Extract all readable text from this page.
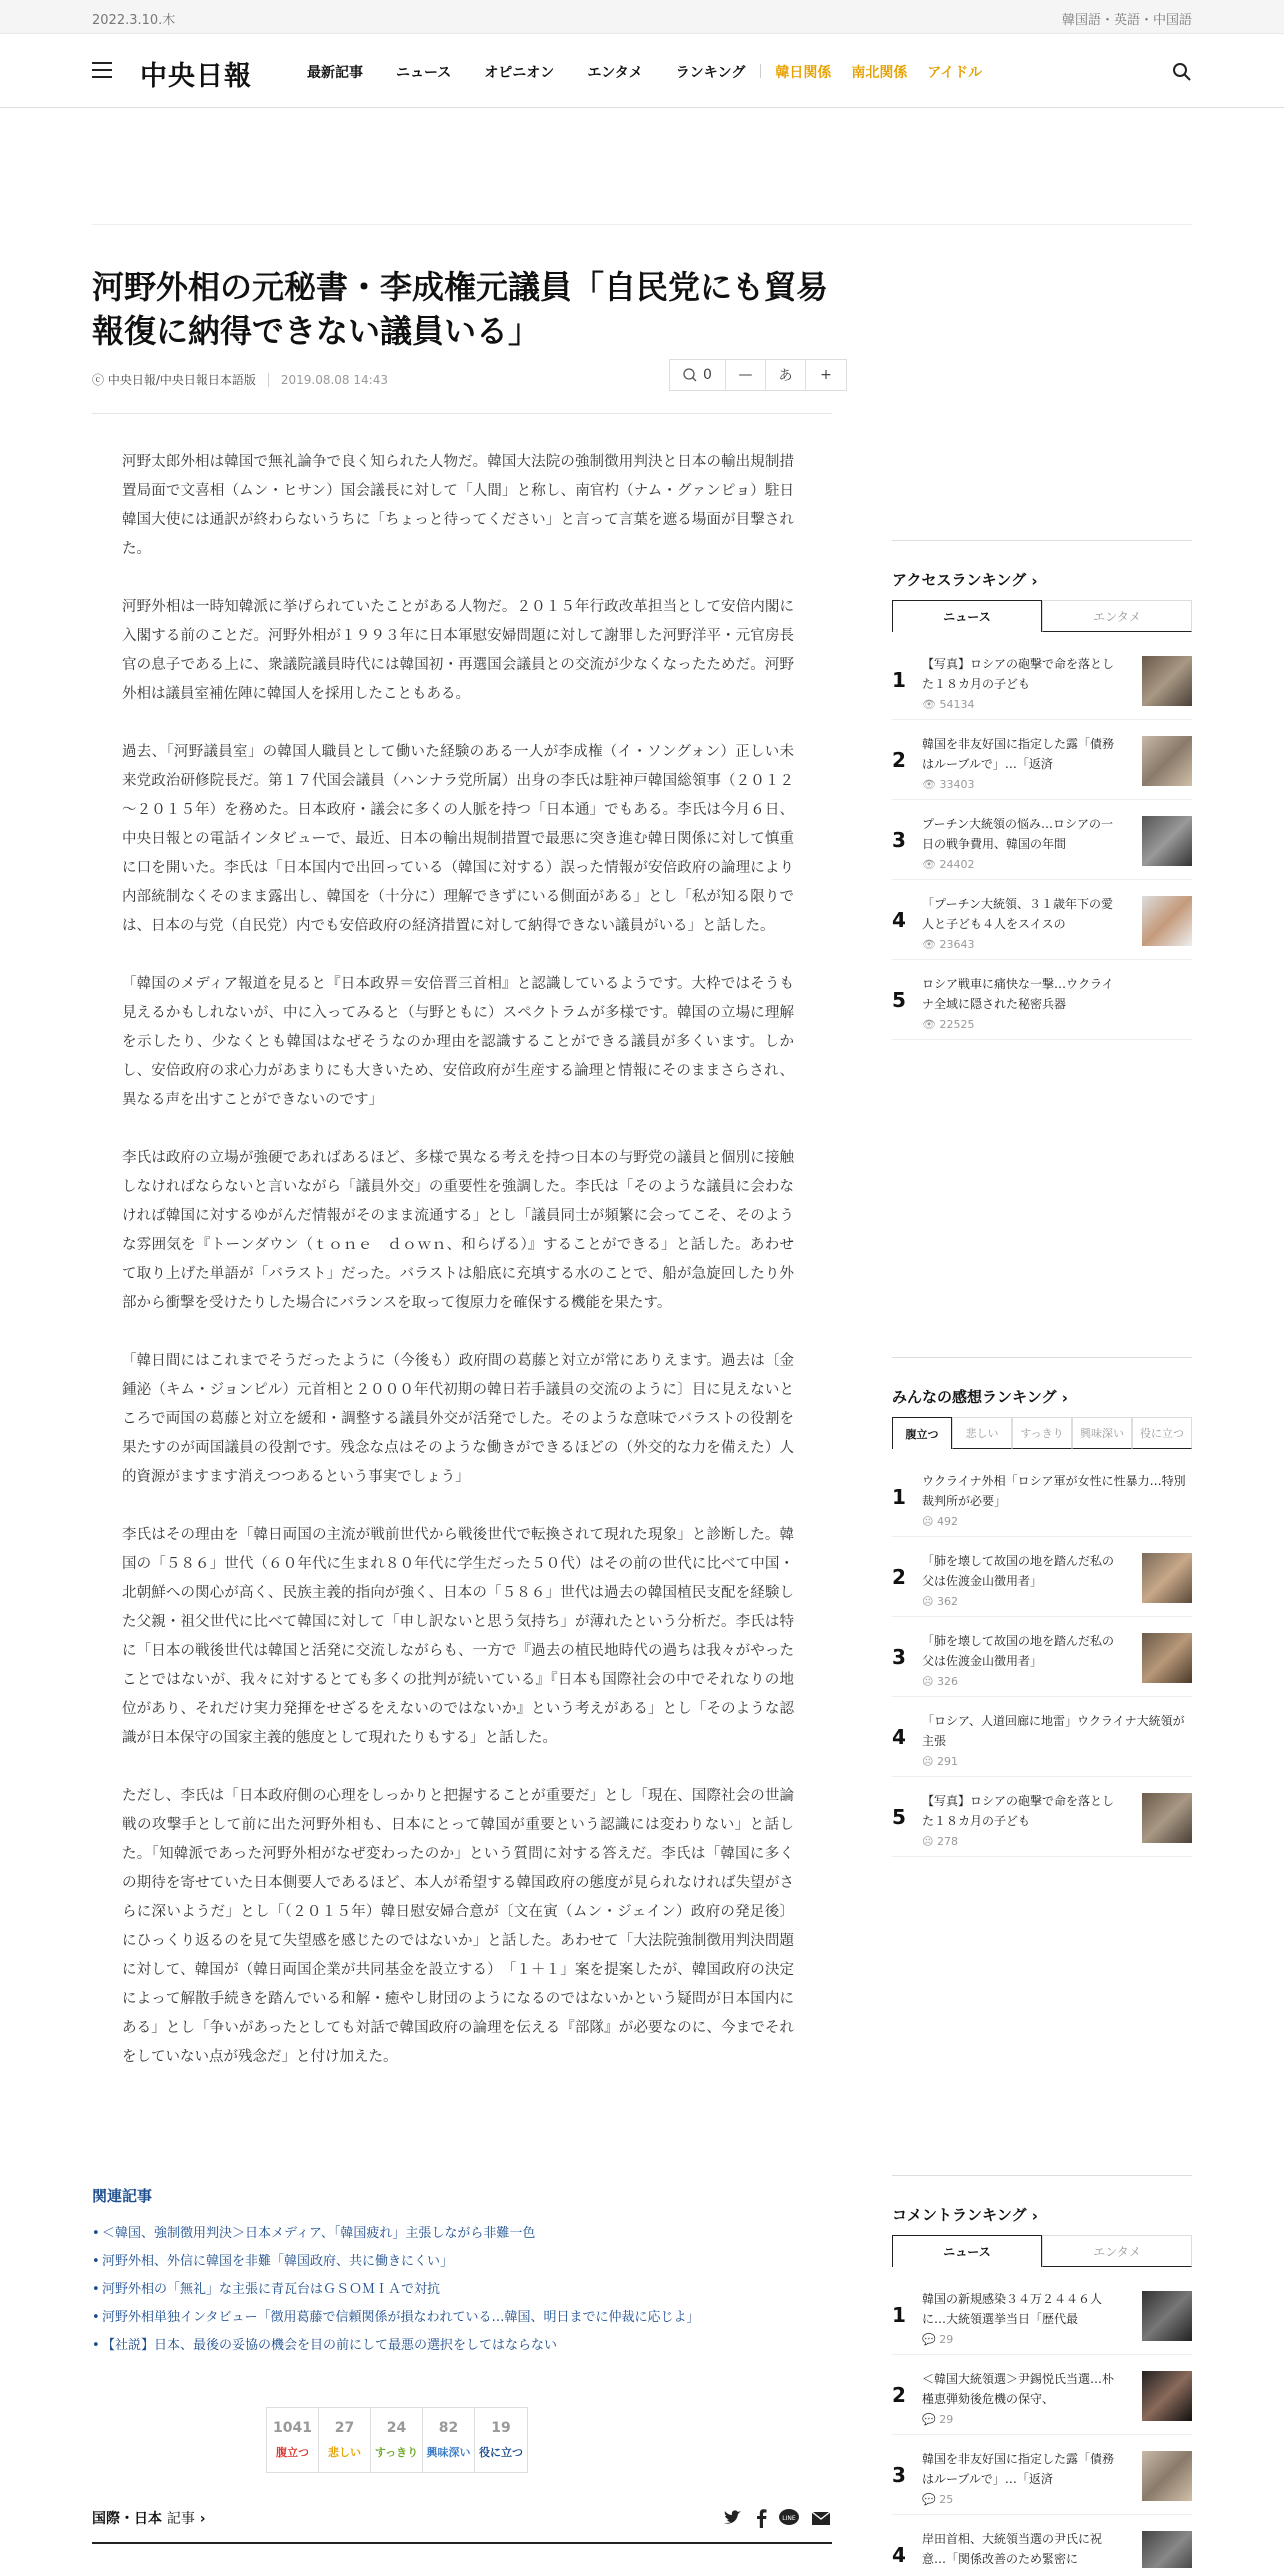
2022.3.10.木	韓国語・英語・中国語
中央日報	最新記事 ニュース オピニオン エンタメ ランキング 韓日関係 南北関係 アイドル
河野外相の元秘書・李成権元議員「自民党にも貿易報復に納得できない議員いる」
ⓒ 中央日報/中央日報日本語版	2019.08.08 14:43	0	—	あ	+

河野太郎外相は韓国で無礼論争で良く知られた人物だ。韓国大法院の強制徴用判決と日本の輸出規制措置局面で文喜相（ムン・ヒサン）国会議長に対して「人間」と称し、南官杓（ナム・グァンピョ）駐日韓国大使には通訳が終わらないうちに「ちょっと待ってください」と言って言葉を遮る場面が目撃された。

河野外相は一時知韓派に挙げられていたことがある人物だ。２０１５年行政改革担当として安倍内閣に入閣する前のことだ。河野外相が１９９３年に日本軍慰安婦問題に対して謝罪した河野洋平・元官房長官の息子である上に、衆議院議員時代には韓国初・再選国会議員との交流が少なくなったためだ。河野外相は議員室補佐陣に韓国人を採用したこともある。

過去、「河野議員室」の韓国人職員として働いた経験のある一人が李成権（イ・ソングォン）正しい未来党政治研修院長だ。第１７代国会議員（ハンナラ党所属）出身の李氏は駐神戸韓国総領事（２０１２～２０１５年）を務めた。日本政府・議会に多くの人脈を持つ「日本通」でもある。李氏は今月６日、中央日報との電話インタビューで、最近、日本の輸出規制措置で最悪に突き進む韓日関係に対して慎重に口を開いた。李氏は「日本国内で出回っている（韓国に対する）誤った情報が安倍政府の論理により内部統制なくそのまま露出し、韓国を（十分に）理解できずにいる側面がある」とし「私が知る限りでは、日本の与党（自民党）内でも安倍政府の経済措置に対して納得できない議員がいる」と話した。

「韓国のメディア報道を見ると『日本政界＝安倍晋三首相』と認識しているようです。大枠ではそうも見えるかもしれないが、中に入ってみると（与野ともに）スペクトラムが多様です。韓国の立場に理解を示したり、少なくとも韓国はなぜそうなのか理由を認識することができる議員が多くいます。しかし、安倍政府の求心力があまりにも大きいため、安倍政府が生産する論理と情報にそのままさらされ、異なる声を出すことができないのです」

李氏は政府の立場が強硬であればあるほど、多様で異なる考えを持つ日本の与野党の議員と個別に接触しなければならないと言いながら「議員外交」の重要性を強調した。李氏は「そのような議員に会わなければ韓国に対するゆがんだ情報がそのまま流通する」とし「議員同士が頻繁に会ってこそ、そのような雰囲気を『トーンダウン（ｔｏｎｅ　ｄｏｗｎ、和らげる）』することができる」と話した。あわせて取り上げた単語が「バラスト」だった。バラストは船底に充填する水のことで、船が急旋回したり外部から衝撃を受けたりした場合にバランスを取って復原力を確保する機能を果たす。

「韓日間にはこれまでそうだったように（今後も）政府間の葛藤と対立が常にありえます。過去は〔金鍾泌（キム・ジョンピル）元首相と２０００年代初期の韓日若手議員の交流のように〕目に見えないところで両国の葛藤と対立を緩和・調整する議員外交が活発でした。そのような意味でバラストの役割を果たすのが両国議員の役割です。残念な点はそのような働きができるほどの（外交的な力を備えた）人的資源がますます消えつつあるという事実でしょう」

李氏はその理由を「韓日両国の主流が戦前世代から戦後世代で転換されて現れた現象」と診断した。韓国の「５８６」世代（６０年代に生まれ８０年代に学生だった５０代）はその前の世代に比べて中国・北朝鮮への関心が高く、民族主義的指向が強く、日本の「５８６」世代は過去の韓国植民支配を経験した父親・祖父世代に比べて韓国に対して「申し訳ないと思う気持ち」が薄れたという分析だ。李氏は特に「日本の戦後世代は韓国と活発に交流しながらも、一方で『過去の植民地時代の過ちは我々がやったことではないが、我々に対するとても多くの批判が続いている』『日本も国際社会の中でそれなりの地位があり、それだけ実力発揮をせざるをえないのではないか』という考えがある」とし「そのような認識が日本保守の国家主義的態度として現れたりもする」と話した。

ただし、李氏は「日本政府側の心理をしっかりと把握することが重要だ」とし「現在、国際社会の世論戦の攻撃手として前に出た河野外相も、日本にとって韓国が重要という認識には変わりない」と話した。「知韓派であった河野外相がなぜ変わったのか」という質問に対する答えだ。李氏は「韓国に多くの期待を寄せていた日本側要人であるほど、本人が希望する韓国政府の態度が見られなければ失望がさらに深いようだ」とし「（２０１５年）韓日慰安婦合意が〔文在寅（ムン・ジェイン）政府の発足後〕にひっくり返るのを見て失望感を感じたのではないか」と話した。あわせて「大法院強制徴用判決問題に対して、韓国が（韓日両国企業が共同基金を設立する）　「１＋１」案を提案したが、韓国政府の決定によって解散手続きを踏んでいる和解・癒やし財団のようになるのではないかという疑問が日本国内にある」とし「争いがあったとしても対話で韓国政府の論理を伝える『部隊』が必要なのに、今までそれをしていない点が残念だ」と付け加えた。

関連記事
• ＜韓国、強制徴用判決＞日本メディア、「韓国疲れ」主張しながら非難一色
• 河野外相、外信に韓国を非難「韓国政府、共に働きにくい」
• 河野外相の「無礼」な主張に青瓦台はＧＳＯＭＩＡで対抗
• 河野外相単独インタビュー「徴用葛藤で信頼関係が損なわれている…韓国、明日までに仲裁に応じよ」
• 【社説】日本、最後の妥協の機会を目の前にして最悪の選択をしてはならない
1041
腹立つ
27
悲しい
24
すっきり
82
興味深い
19
役に立つ
国際・日本 記事 ›	LINE
アクセスランキング ›
ニュース	エンタメ
1
【写真】ロシアの砲撃で命を落とした１８カ月の子ども
👁 54134
2
韓国を非友好国に指定した露「債務はルーブルで」…「返済
👁 33403
3
プーチン大統領の悩み…ロシアの一日の戦争費用、韓国の年間
👁 24402
4
「プーチン大統領、３１歳年下の愛人と子ども４人をスイスの
👁 23643
5
ロシア戦車に痛快な一撃…ウクライナ全域に隠された秘密兵器
👁 22525
みんなの感想ランキング ›
腹立つ	悲しい	すっきり	興味深い	役に立つ
1
ウクライナ外相「ロシア軍が女性に性暴力…特別裁判所が必要」
☹ 492
2
「肺を壊して故国の地を踏んだ私の父は佐渡金山徴用者」
☹ 362
3
「肺を壊して故国の地を踏んだ私の父は佐渡金山徴用者」
☹ 326
4
「ロシア、人道回廊に地雷」ウクライナ大統領が主張
☹ 291
5
【写真】ロシアの砲撃で命を落とした１８カ月の子ども
☹ 278
コメントランキング ›
ニュース	エンタメ
1
韓国の新規感染３４万２４４６人に…大統領選挙当日「歴代最
💬 29
2
＜韓国大統領選＞尹錫悦氏当選…朴槿恵弾劾後危機の保守、
💬 29
3
韓国を非友好国に指定した露「債務はルーブルで」…「返済
💬 25
4
岸田首相、大統領当選の尹氏に祝意…「関係改善のため緊密に
